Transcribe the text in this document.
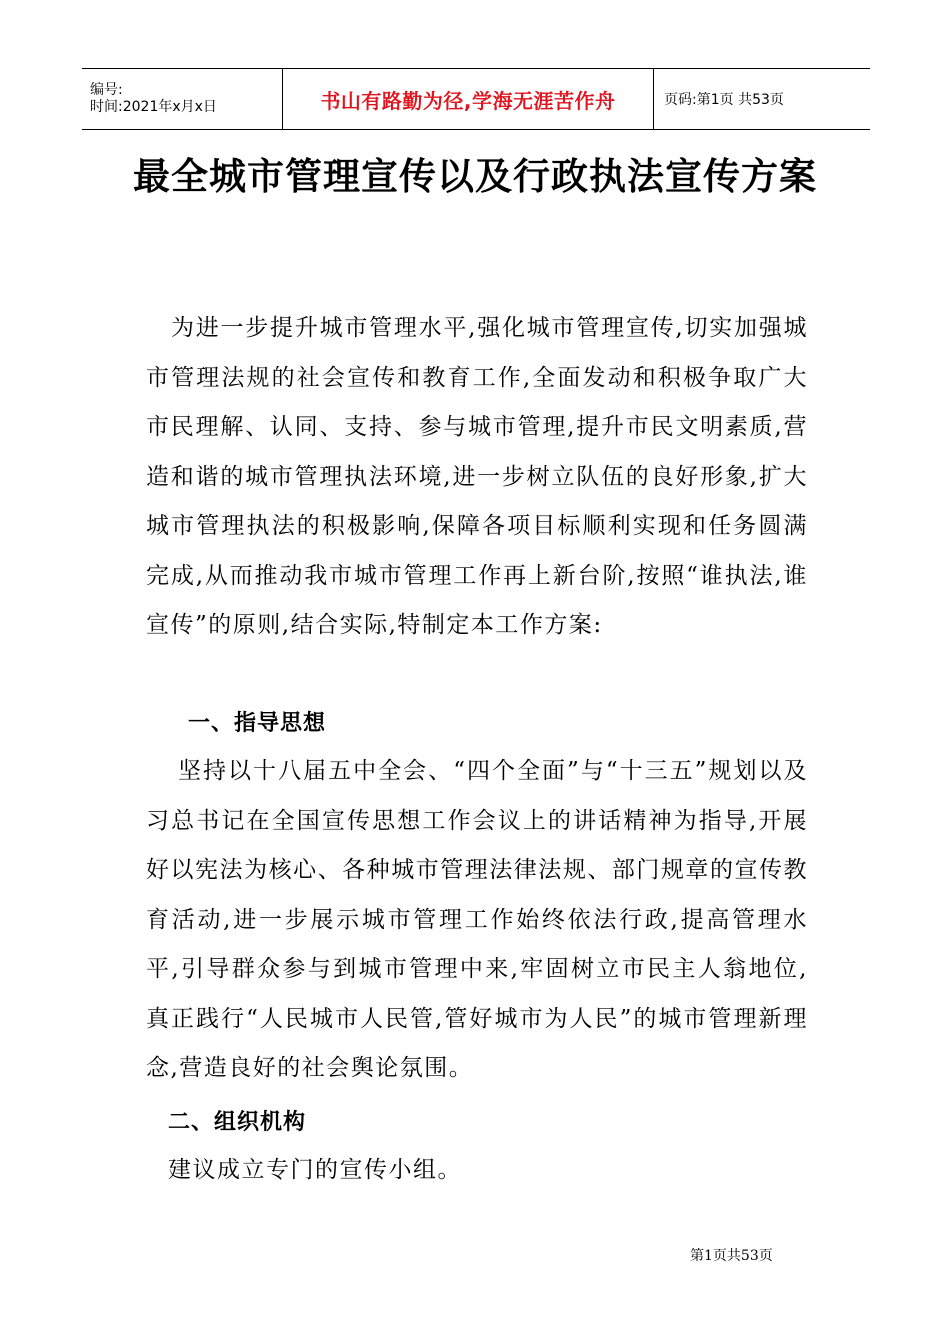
编号:
时间:2021年x月x日	书山有路勤为径,学海无涯苦作舟	页码:第1页 共53页
最全城市管理宣传以及行政执法宣传方案
为进一步提升城市管理水平,强化城市管理宣传,切实加强城市管理法规的社会宣传和教育工作,全面发动和积极争取广大市民理解、认同、支持、参与城市管理,提升市民文明素质,营造和谐的城市管理执法环境,进一步树立队伍的良好形象,扩大城市管理执法的积极影响,保障各项目标顺利实现和任务圆满完成,从而推动我市城市管理工作再上新台阶,按照“谁执法,谁宣传”的原则,结合实际,特制定本工作方案:
一、指导思想
坚持以十八届五中全会、“四个全面”与“十三五”规划以及习总书记在全国宣传思想工作会议上的讲话精神为指导,开展好以宪法为核心、各种城市管理法律法规、部门规章的宣传教育活动,进一步展示城市管理工作始终依法行政,提高管理水平,引导群众参与到城市管理中来,牢固树立市民主人翁地位,真正践行“人民城市人民管,管好城市为人民”的城市管理新理念,营造良好的社会舆论氛围。
二、组织机构
建议成立专门的宣传小组。
第1页共53页
